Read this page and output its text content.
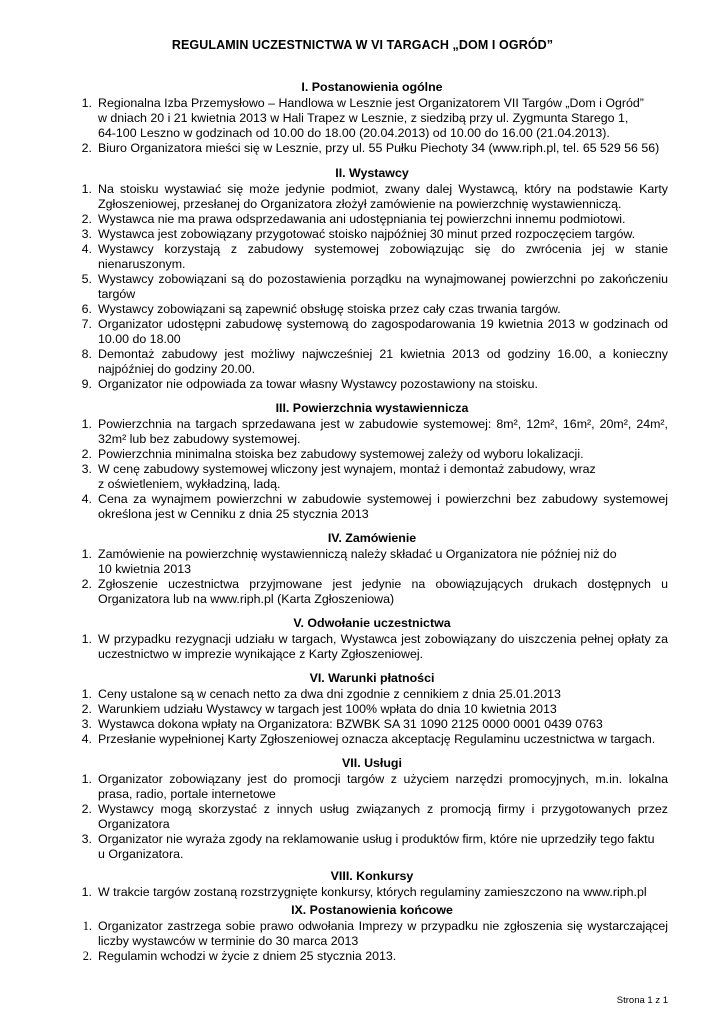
REGULAMIN UCZESTNICTWA W VI TARGACH „DOM I OGRÓD”
I. Postanowienia ogólne
1 . Regionalna Izba Przemysłowo – Handlowa w Lesznie jest Organizatorem VII Targów „Dom i Ogród”
w dniach 20 i 21 kwietnia 2013 w Hali Trapez w Lesznie, z siedzibą przy ul. Zygmunta Starego 1,
64-100 Leszno w godzinach od 10.00 do 18.00 (20.04.2013) od 10.00 do 16.00 (21.04.2013).
2 . Biuro Organizatora mieści się w Lesznie, przy ul. 55 Pułku Piechoty 34 (www.riph.pl, tel. 65 529 56 56)
II. Wystawcy
1 . Na stoisku wystawiać się może jedynie podmiot, zwany dalej Wystawcą, który na podstawie Karty Zgłoszeniowej, przesłanej do Organizatora złożył zamówienie na powierzchnię wystawienniczą.
2 . Wystawca nie ma prawa odsprzedawania ani udostępniania tej powierzchni innemu podmiotowi.
3 . Wystawca jest zobowiązany przygotować stoisko najpóźniej 30 minut przed rozpoczęciem targów.
4 . Wystawcy korzystają z zabudowy systemowej zobowiązując się do zwrócenia jej w stanie nienaruszonym.
5 . Wystawcy zobowiązani są do pozostawienia porządku na wynajmowanej powierzchni po zakończeniu targów
6 . Wystawcy zobowiązani są zapewnić obsługę stoiska przez cały czas trwania targów.
7 . Organizator udostępni zabudowę systemową do zagospodarowania 19 kwietnia 2013 w godzinach od 10.00 do 18.00
8 . Demontaż zabudowy jest możliwy najwcześniej 21 kwietnia 2013 od godziny 16.00, a konieczny najpóźniej do godziny 20.00.
9 . Organizator nie odpowiada za towar własny Wystawcy pozostawiony na stoisku.
III. Powierzchnia wystawiennicza
1 . Powierzchnia na targach sprzedawana jest w zabudowie systemowej: 8m², 12m², 16m², 20m², 24m², 32m² lub bez zabudowy systemowej.
2 . Powierzchnia minimalna stoiska bez zabudowy systemowej zależy od wyboru lokalizacji.
3 . W cenę zabudowy systemowej wliczony jest wynajem, montaż i demontaż zabudowy, wraz
z oświetleniem, wykładziną, ladą.
4 . Cena za wynajmem powierzchni w zabudowie systemowej i powierzchni bez zabudowy systemowej określona jest w Cenniku z dnia 25 stycznia 2013
IV. Zamówienie
1 . Zamówienie na powierzchnię wystawienniczą należy składać u Organizatora nie później niż do
10 kwietnia 2013
2 . Zgłoszenie uczestnictwa przyjmowane jest jedynie na obowiązujących drukach dostępnych u Organizatora lub na www.riph.pl (Karta Zgłoszeniowa)
V. Odwołanie uczestnictwa
1 . W przypadku rezygnacji udziału w targach, Wystawca jest zobowiązany do uiszczenia pełnej opłaty za uczestnictwo w imprezie wynikające z Karty Zgłoszeniowej.
VI. Warunki płatności
1 . Ceny ustalone są w cenach netto za dwa dni zgodnie z cennikiem z dnia 25.01.2013
2 . Warunkiem udziału Wystawcy w targach jest 100% wpłata do dnia 10 kwietnia 2013
3 . Wystawca dokona wpłaty na Organizatora: BZWBK SA 31 1090 2125 0000 0001 0439 0763
4 . Przesłanie wypełnionej Karty Zgłoszeniowej oznacza akceptację Regulaminu uczestnictwa w targach.
VII. Usługi
1 . Organizator zobowiązany jest do promocji targów z użyciem narzędzi promocyjnych, m.in. lokalna prasa, radio, portale internetowe
2 . Wystawcy mogą skorzystać z innych usług związanych z promocją firmy i przygotowanych przez Organizatora
3 . Organizator nie wyraża zgody na reklamowanie usług i produktów firm, które nie uprzedziły tego faktu
u Organizatora.
VIII. Konkursy
1 . W trakcie targów zostaną rozstrzygnięte konkursy, których regulaminy zamieszczono na www.riph.pl
IX. Postanowienia końcowe
1 . Organizator zastrzega sobie prawo odwołania Imprezy w przypadku nie zgłoszenia się wystarczającej liczby wystawców w terminie do 30 marca 2013
2 . Regulamin wchodzi w życie z dniem 25 stycznia 2013.
Strona 1 z 1
